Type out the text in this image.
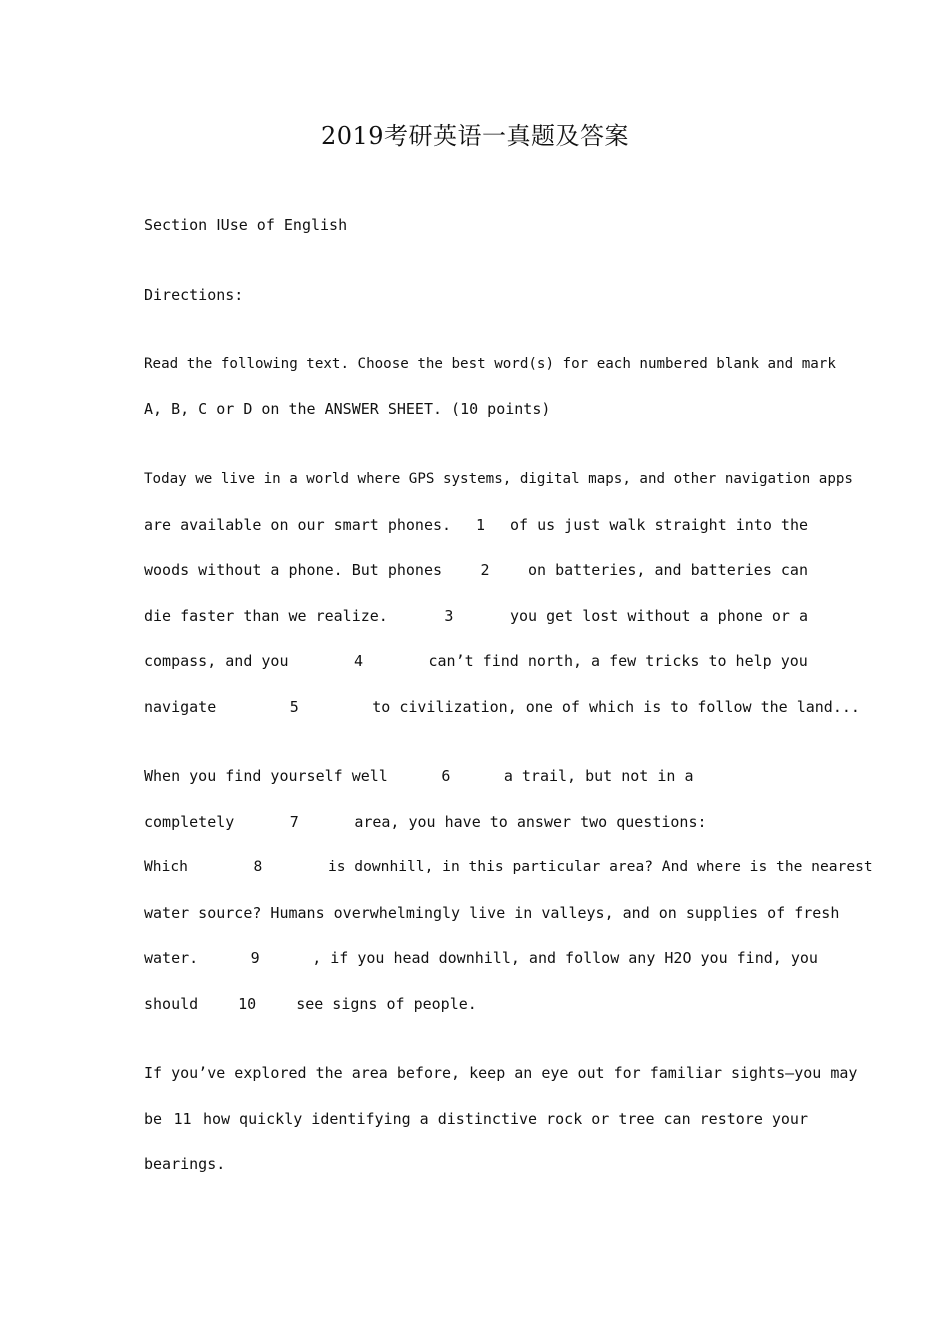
2019考研英语一真题及答案
Section ⅠUse of English
Directions:
Read the following text. Choose the best word(s) for each numbered blank and mark
A, B, C or D on the ANSWER SHEET. (10 points)
Today we live in a world where GPS systems, digital maps, and other navigation apps
are available on our smart phones. 1 of us just walk straight into the
woods without a phone. But phones	2	on batteries, and batteries can
die faster than we realize.	3	you get lost without a phone or a
compass, and you	4	can’t find north, a few tricks to help you
navigate	5	to civilization, one of which is to follow the land...
When you find yourself well	6	a trail, but not in a
completely	7	area, you have to answer two questions:
Which	8	is downhill, in this particular area? And where is the nearest
water source? Humans overwhelmingly live in valleys, and on supplies of fresh
water.	9	, if you head downhill, and follow any H2O you find, you
should	10	see signs of people.
If you’ve explored the area before, keep an eye out for familiar sights—you may
be 11 how quickly identifying a distinctive rock or tree can restore your
bearings.
